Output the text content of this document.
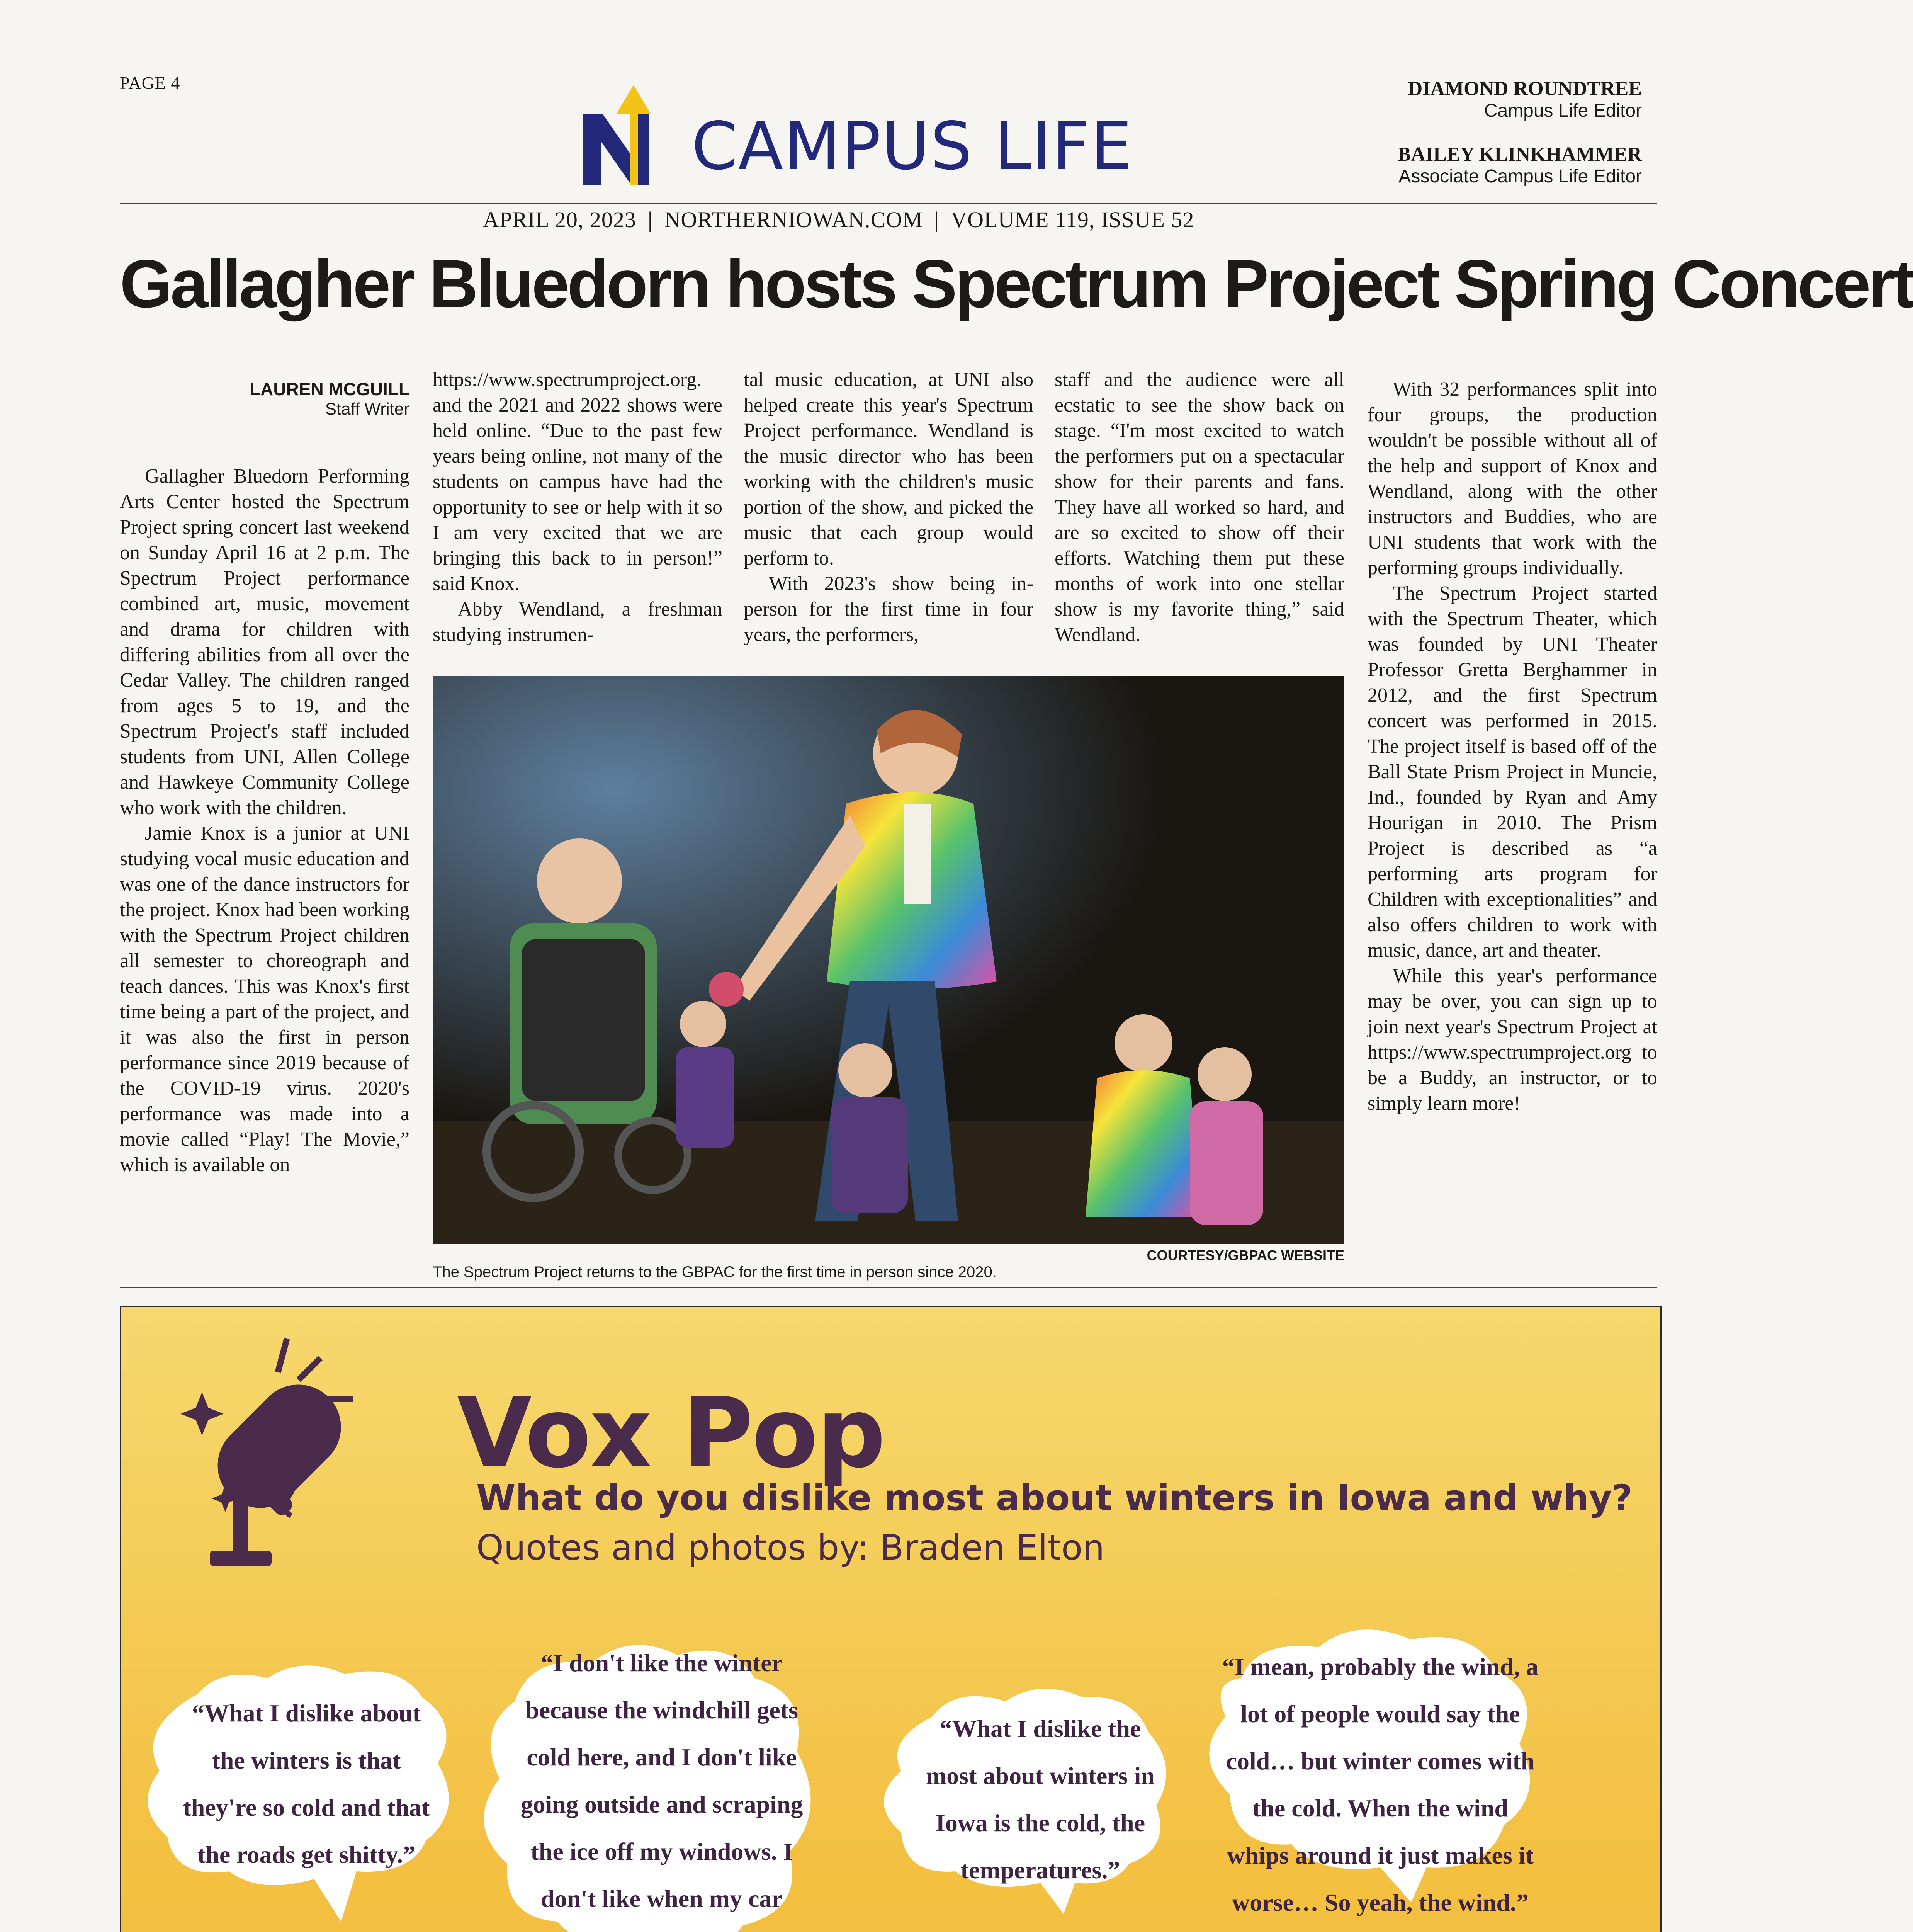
PAGE 4
CAMPUS LIFE
DIAMOND ROUNDTREE
Campus Life Editor
BAILEY KLINKHAMMER
Associate Campus Life Editor
APRIL 20, 2023 | NORTHERNIOWAN.COM | VOLUME 119, ISSUE 52
Gallagher Bluedorn hosts Spectrum Project Spring Concert
LAUREN MCGUILL
Staff Writer

Gallagher Bluedorn Performing Arts Center hosted the Spectrum Project spring concert last weekend on Sunday April 16 at 2 p.m. The Spectrum Project performance combined art, music, movement and drama for children with differing abilities from all over the Cedar Valley. The children ranged from ages 5 to 19, and the Spectrum Project's staff included students from UNI, Allen College and Hawkeye Community College who work with the children.

Jamie Knox is a junior at UNI studying vocal music education and was one of the dance instructors for the project. Knox had been working with the Spectrum Project children all semester to choreograph and teach dances. This was Knox's first time being a part of the project, and it was also the first in person performance since 2019 because of the COVID-19 virus. 2020's performance was made into a movie called “Play! The Movie,” which is available on

https://www.spectrumproject.org. and the 2021 and 2022 shows were held online. “Due to the past few years being online, not many of the students on campus have had the opportunity to see or help with it so I am very excited that we are bringing this back to in person!” said Knox.

Abby Wendland, a freshman studying instrumen-

tal music education, at UNI also helped create this year's Spectrum Project performance. Wendland is the music director who has been working with the children's music portion of the show, and picked the music that each group would perform to.

With 2023's show being in-person for the first time in four years, the performers,

staff and the audience were all ecstatic to see the show back on stage. “I'm most excited to watch the performers put on a spectacular show for their parents and fans. They have all worked so hard, and are so excited to show off their efforts. Watching them put these months of work into one stellar show is my favorite thing,” said Wendland.

With 32 performances split into four groups, the production wouldn't be possible without all of the help and support of Knox and Wendland, along with the other instructors and Buddies, who are UNI students that work with the performing groups individually.

The Spectrum Project started with the Spectrum Theater, which was founded by UNI Theater Professor Gretta Berghammer in 2012, and the first Spectrum concert was performed in 2015. The project itself is based off of the Ball State Prism Project in Muncie, Ind., founded by Ryan and Amy Hourigan in 2010. The Prism Project is described as “a performing arts program for Children with exceptionalities” and also offers children to work with music, dance, art and theater.

While this year's performance may be over, you can sign up to join next year's Spectrum Project at https://www.spectrumproject.org to be a Buddy, an instructor, or to simply learn more!

COURTESY/GBPAC WEBSITE
The Spectrum Project returns to the GBPAC for the first time in person since 2020.
Vox Pop
What do you dislike most about winters in Iowa and why?
Quotes and photos by: Braden Elton
“What I dislike about the winters is that they're so cold and that the roads get shitty.”
“I don't like the winter because the windchill gets cold here, and I don't like going outside and scraping the ice off my windows. I don't like when my car
“What I dislike the most about winters in Iowa is the cold, the temperatures.”
“I mean, probably the wind, a lot of people would say the cold… but winter comes with the cold. When the wind whips around it just makes it worse… So yeah, the wind.”
